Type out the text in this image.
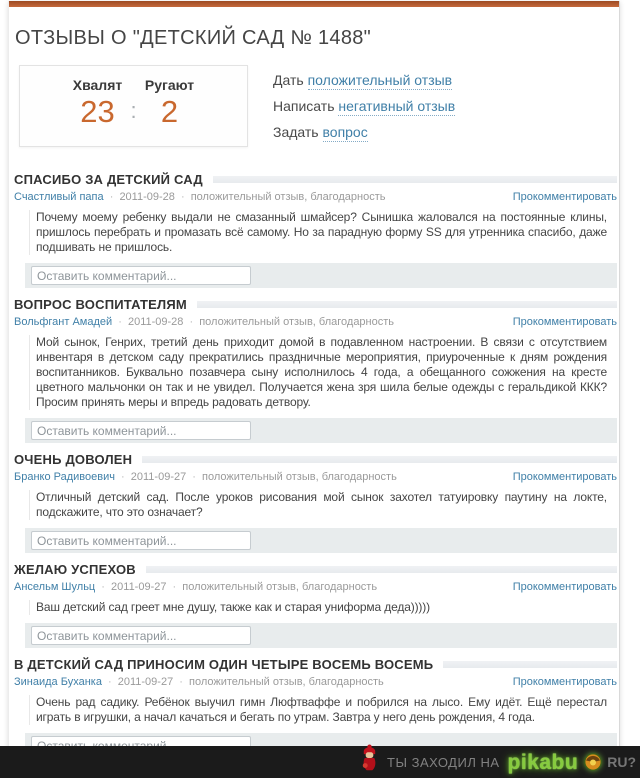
ОТЗЫВЫ О "ДЕТСКИЙ САД № 1488"
Хвалят	Ругают
23 : 2
Дать положительный отзыв
Написать негативный отзыв
Задать вопрос
СПАСИБО ЗА ДЕТСКИЙ САД
Счастливый папа · 2011-09-28 · положительный отзыв, благодарность	Прокомментировать
Почему моему ребенку выдали не смазанный шмайсер? Сынишка жаловался на постоянные клины, пришлось перебрать и промазать всё самому. Но за парадную форму SS для утренника спасибо, даже подшивать не пришлось.
Оставить комментарий...
ВОПРОС ВОСПИТАТЕЛЯМ
Вольфгант Амадей · 2011-09-28 · положительный отзыв, благодарность	Прокомментировать
Мой сынок, Генрих, третий день приходит домой в подавленном настроении. В связи с отсутствием инвентаря в детском саду прекратились праздничные мероприятия, приуроченные к дням рождения воспитанников. Буквально позавчера сыну исполнилось 4 года, а обещанного сожжения на кресте цветного мальчонки он так и не увидел. Получается жена зря шила белые одежды с геральдикой ККК? Просим принять меры и впредь радовать детвору.
Оставить комментарий...
ОЧЕНЬ ДОВОЛЕН
Бранко Радивоевич · 2011-09-27 · положительный отзыв, благодарность	Прокомментировать
Отличный детский сад. После уроков рисования мой сынок захотел татуировку паутину на локте, подскажите, что это означает?
Оставить комментарий...
ЖЕЛАЮ УСПЕХОВ
Ансельм Шульц · 2011-09-27 · положительный отзыв, благодарность	Прокомментировать
Ваш детский сад греет мне душу, также как и старая униформа деда)))))
Оставить комментарий...
В ДЕТСКИЙ САД ПРИНОСИМ ОДИН ЧЕТЫРЕ ВОСЕМЬ ВОСЕМЬ
Зинаида Буханка · 2011-09-27 · положительный отзыв, благодарность	Прокомментировать
Очень рад садику. Ребёнок выучил гимн Люфтваффе и побрился на лысо. Ему идёт. Ещё перестал играть в игрушки, а начал качаться и бегать по утрам. Завтра у него день рождения, 4 года.
Оставить комментарий...
ТЫ ЗАХОДИЛ НА pikabu RU?
